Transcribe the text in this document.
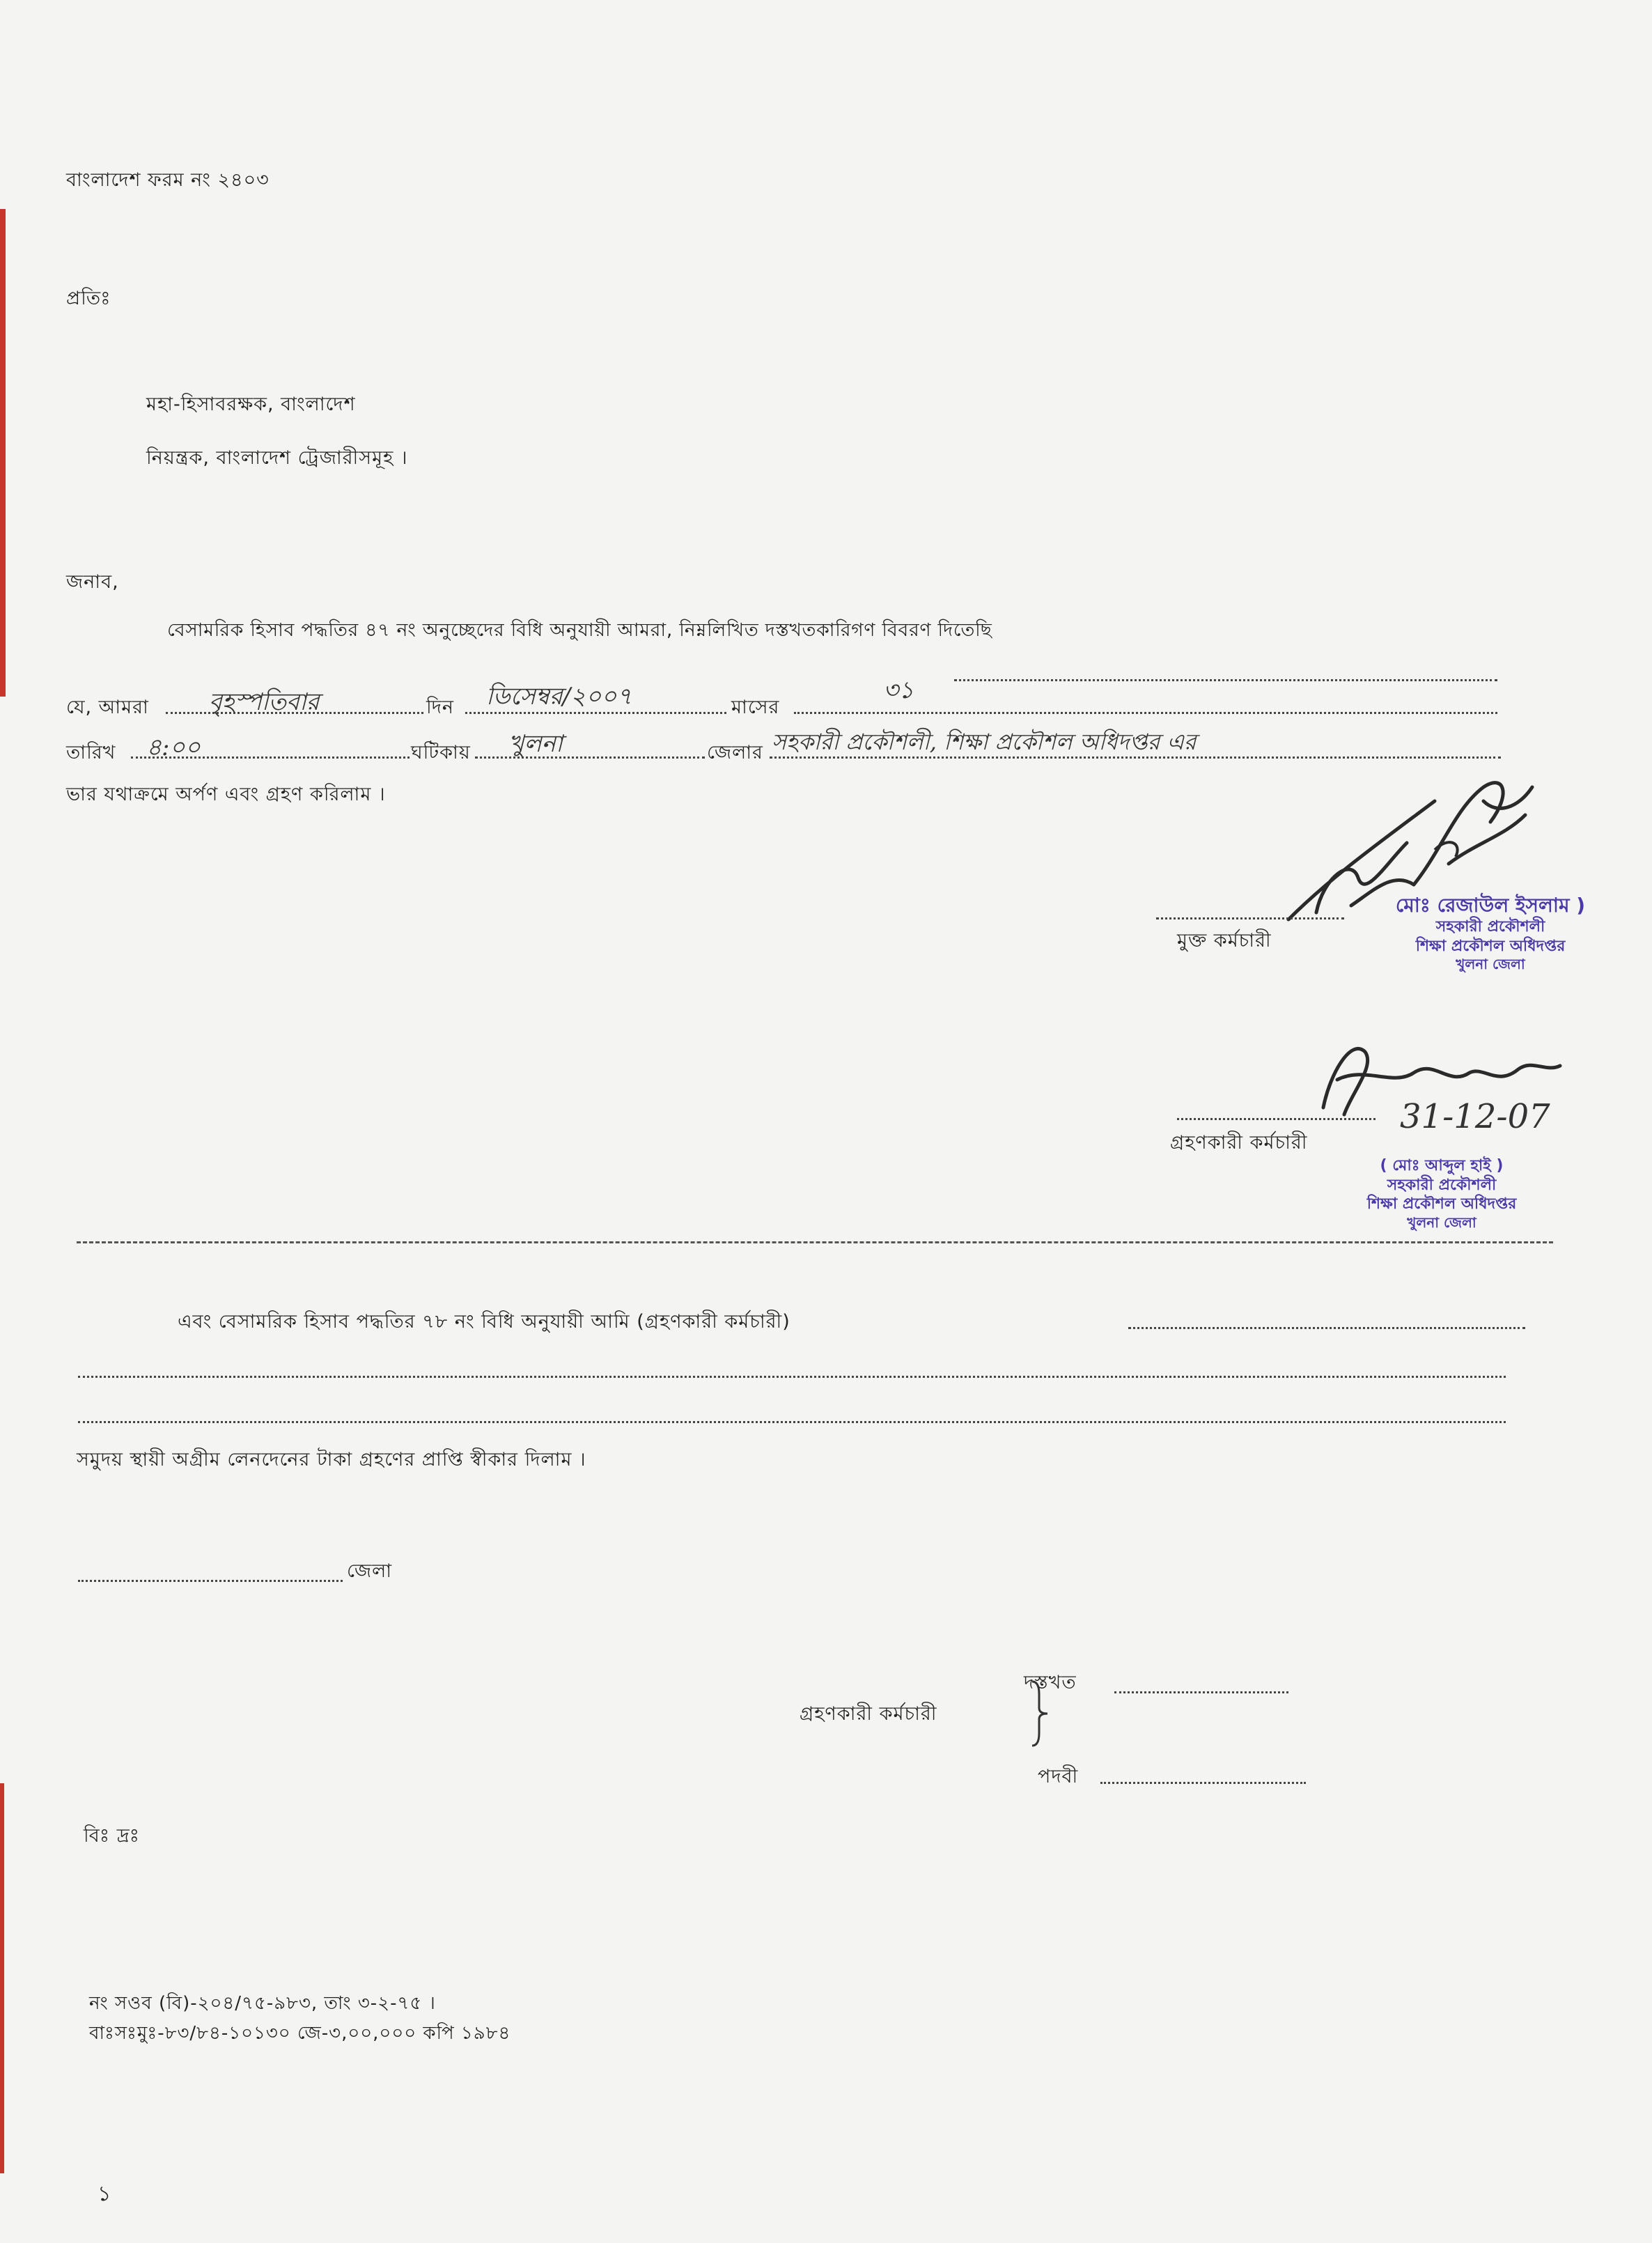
বাংলাদেশ ফরম নং ২৪০৩
প্রতিঃ
মহা-হিসাবরক্ষক, বাংলাদেশ
নিয়ন্ত্রক, বাংলাদেশ ট্রেজারীসমূহ ।
জনাব,
বেসামরিক হিসাব পদ্ধতির ৪৭ নং অনুচ্ছেদের বিধি অনুযায়ী আমরা, নিম্নলিখিত দস্তখতকারিগণ বিবরণ দিতেছি
যে, আমরা	বৃহস্পতিবার	দিন ডিসেম্বর/২০০৭	মাসের
৩১
তারিখ ৪:০০	ঘটিকায় খুলনা	জেলার সহকারী প্রকৌশলী, শিক্ষা প্রকৌশল অধিদপ্তর এর
ভার যথাক্রমে অর্পণ এবং গ্রহণ করিলাম ।
মুক্ত কর্মচারী
মোঃ রেজাউল ইসলাম )
সহকারী প্রকৌশলী
শিক্ষা প্রকৌশল অধিদপ্তর
খুলনা জেলা
31-12-07
গ্রহণকারী কর্মচারী
( মোঃ আব্দুল হাই )
সহকারী প্রকৌশলী
শিক্ষা প্রকৌশল অধিদপ্তর
খুলনা জেলা
এবং বেসামরিক হিসাব পদ্ধতির ৭৮ নং বিধি অনুযায়ী আমি (গ্রহণকারী কর্মচারী)
সমুদয় স্থায়ী অগ্রীম লেনদেনের টাকা গ্রহণের প্রাপ্তি স্বীকার দিলাম ।
জেলা
দস্তখত
গ্রহণকারী কর্মচারী
পদবী
বিঃ দ্রঃ
নং সওব (বি)-২০৪/৭৫-৯৮৩, তাং ৩-২-৭৫ ।
বাঃসঃমুঃ-৮৩/৮৪-১০১৩০ জে-৩,০০,০০০ কপি ১৯৮৪
১
